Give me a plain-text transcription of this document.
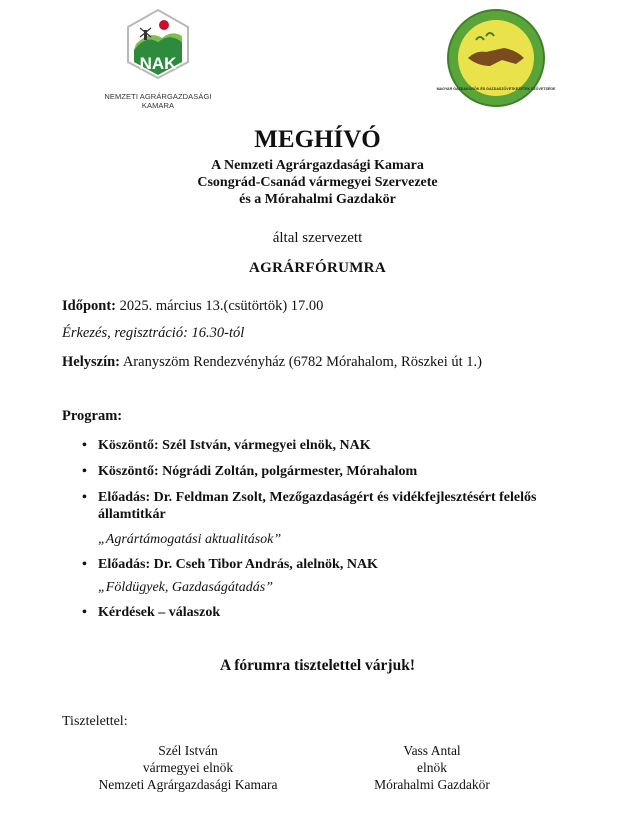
NAK
NEMZETI AGRÁRGAZDASÁGI KAMARA
MAGYAR GAZDAKÖRÖK ÉS GAZDASZÖVETKEZETEK SZÖVETSÉGE
MEGHÍVÓ
A Nemzeti Agrárgazdasági Kamara
Csongrád-Csanád vármegyei Szervezete
és a Mórahalmi Gazdakör
által szervezett
AGRÁRFÓRUMRA
Időpont: 2025. március 13.(csütörtök) 17.00
Érkezés, regisztráció: 16.30-tól
Helyszín: Aranyszöm Rendezvényház (6782 Mórahalom, Röszkei út 1.)
Program:
• Köszöntő: Szél István, vármegyei elnök, NAK
• Köszöntő: Nógrádi Zoltán, polgármester, Mórahalom
• Előadás: Dr. Feldman Zsolt, Mezőgazdaságért és vidékfejlesztésért felelős államtitkár
„Agrártámogatási aktualitások”
• Előadás: Dr. Cseh Tibor András, alelnök, NAK
„Földügyek, Gazdaságátadás”
• Kérdések – válaszok
A fórumra tisztelettel várjuk!
Tisztelettel:
Szél István
vármegyei elnök
Nemzeti Agrárgazdasági Kamara
Vass Antal
elnök
Mórahalmi Gazdakör
